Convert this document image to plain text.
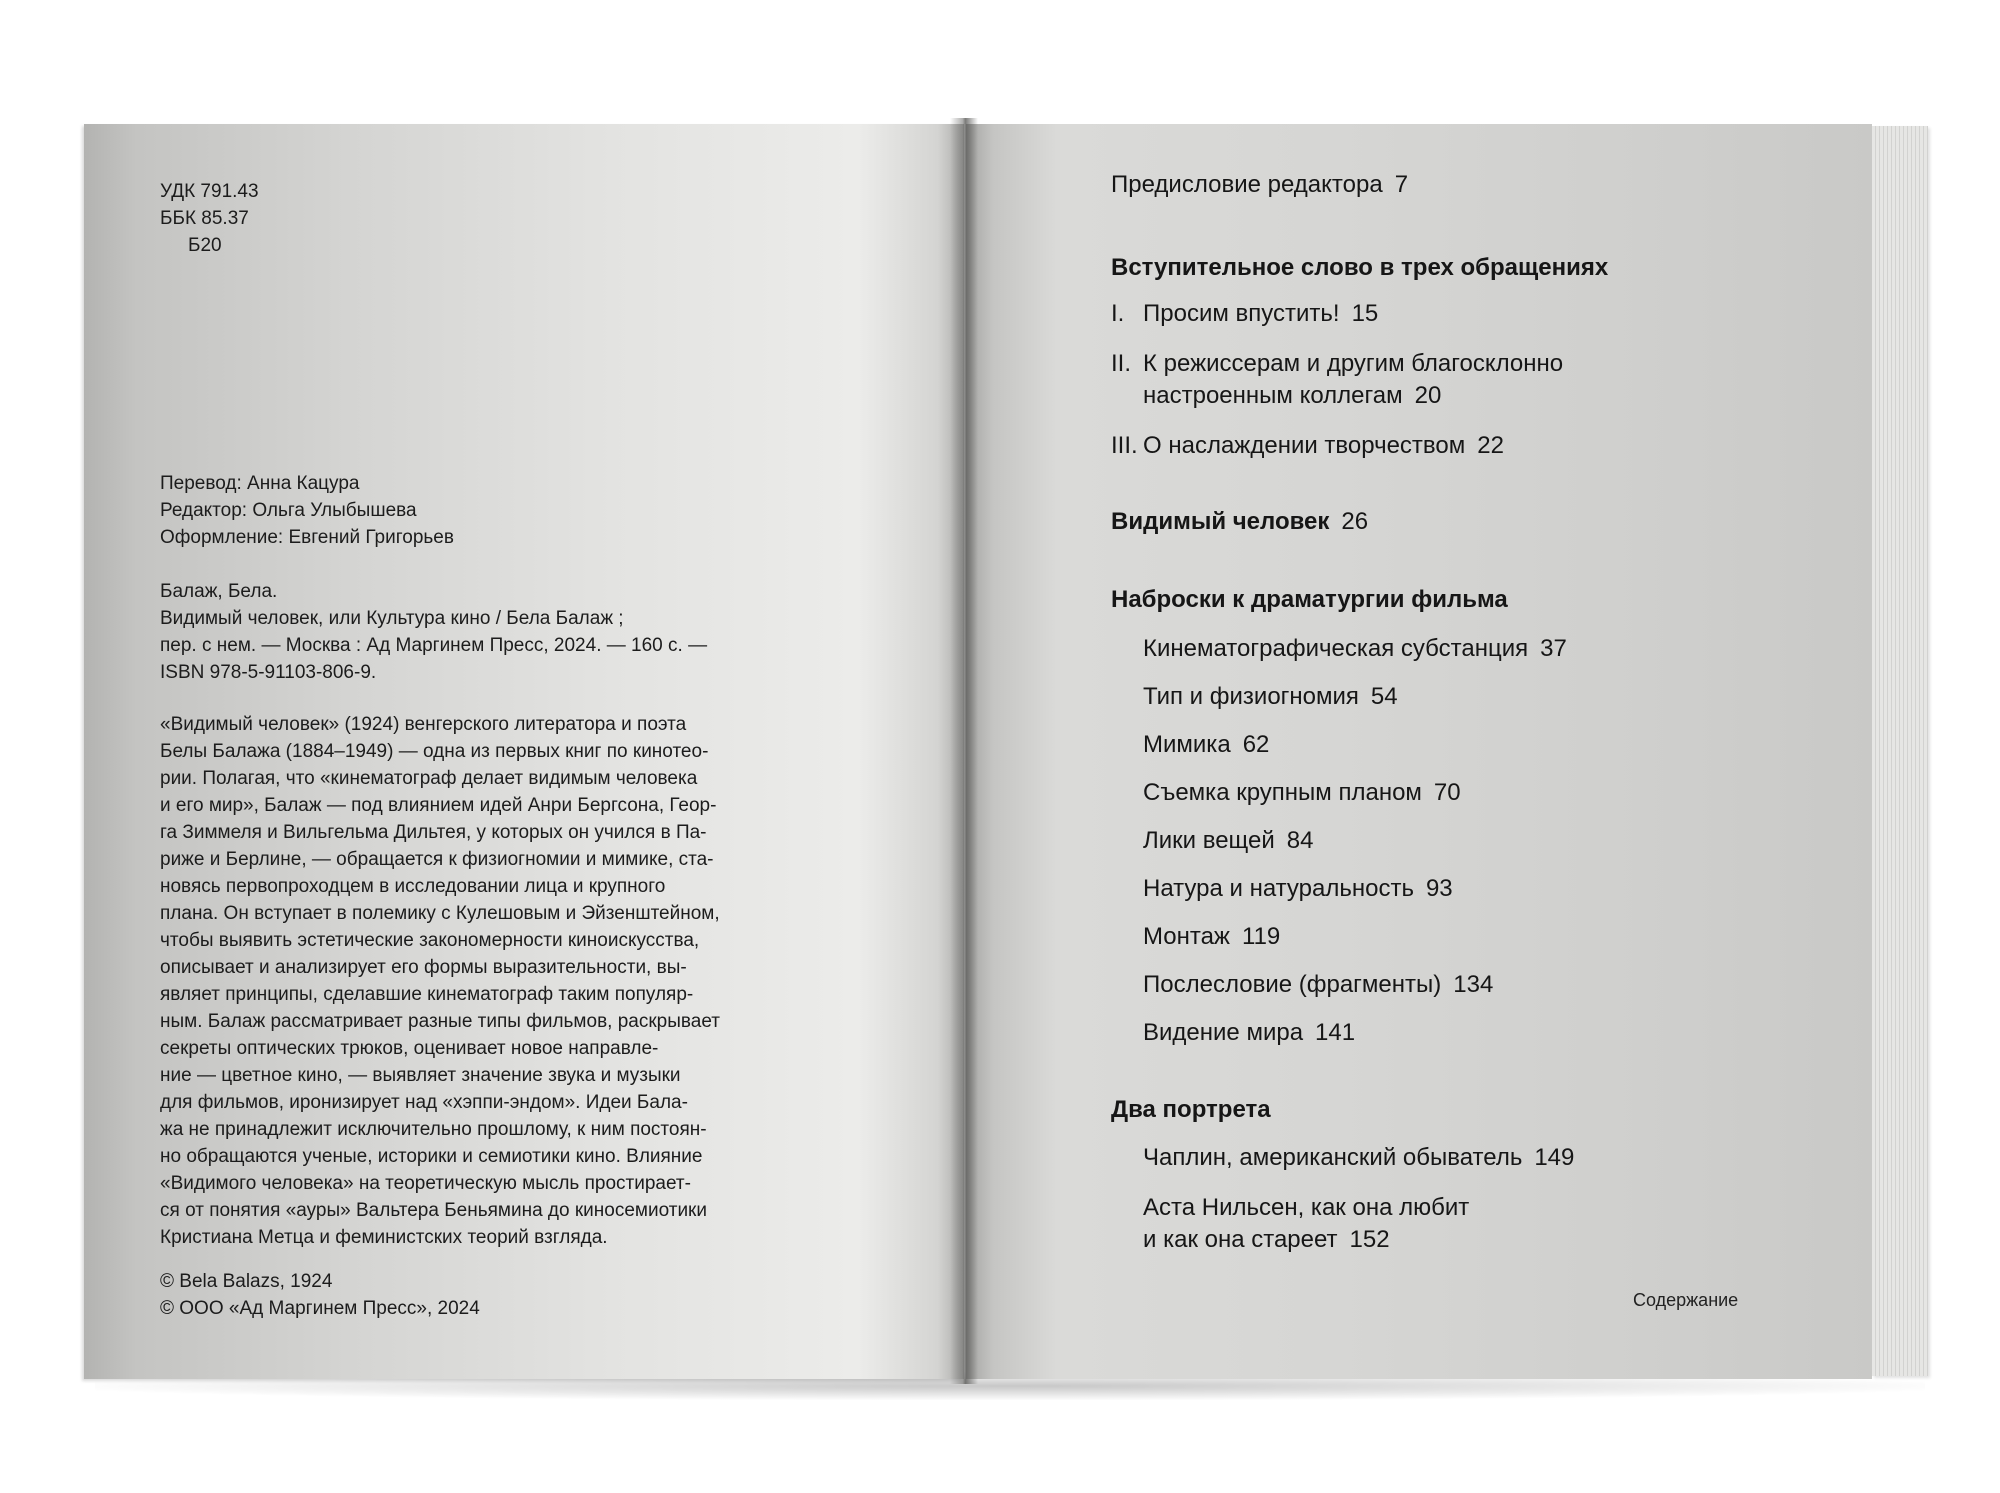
УДК 791.43
ББК 85.37
Б20
Перевод: Анна Кацура
Редактор: Ольга Улыбышева
Оформление: Евгений Григорьев
Балаж, Бела.
Видимый человек, или Культура кино / Бела Балаж ;
пер. с нем. — Москва : Ад Маргинем Пресс, 2024. — 160 с. —
ISBN 978-5-91103-806-9.
«Видимый человек» (1924) венгерского литератора и поэта
Белы Балажа (1884–1949) — одна из первых книг по кинотео-
рии. Полагая, что «кинематограф делает видимым человека
и его мир», Балаж — под влиянием идей Анри Бергсона, Геор-
га Зиммеля и Вильгельма Дильтея, у которых он учился в Па-
риже и Берлине, — обращается к физиогномии и мимике, ста-
новясь первопроходцем в исследовании лица и крупного
плана. Он вступает в полемику с Кулешовым и Эйзенштейном,
чтобы выявить эстетические закономерности киноискусства,
описывает и анализирует его формы выразительности, вы-
являет принципы, сделавшие кинематограф таким популяр-
ным. Балаж рассматривает разные типы фильмов, раскрывает
секреты оптических трюков, оценивает новое направле-
ние — цветное кино, — выявляет значение звука и музыки
для фильмов, иронизирует над «хэппи-эндом». Идеи Бала-
жа не принадлежит исключительно прошлому, к ним постоян-
но обращаются ученые, историки и семиотики кино. Влияние
«Видимого человека» на теоретическую мысль простирает-
ся от понятия «ауры» Вальтера Беньямина до киносемиотики
Кристиана Метца и феминистских теорий взгляда.
© Bela Balazs, 1924
© ООО «Ад Маргинем Пресс», 2024
Предисловие редактора 7
Вступительное слово в трех обращениях
I. Просим впустить! 15
II. К режиссерам и другим благосклонно
настроенным коллегам 20
III. О наслаждении творчеством 22
Видимый человек 26
Наброски к драматургии фильма
Кинематографическая субстанция 37
Тип и физиогномия 54
Мимика 62
Съемка крупным планом 70
Лики вещей 84
Натура и натуральность 93
Монтаж 119
Послесловие (фрагменты) 134
Видение мира 141
Два портрета
Чаплин, американский обыватель 149
Аста Нильсен, как она любит
и как она стареет 152
Содержание
